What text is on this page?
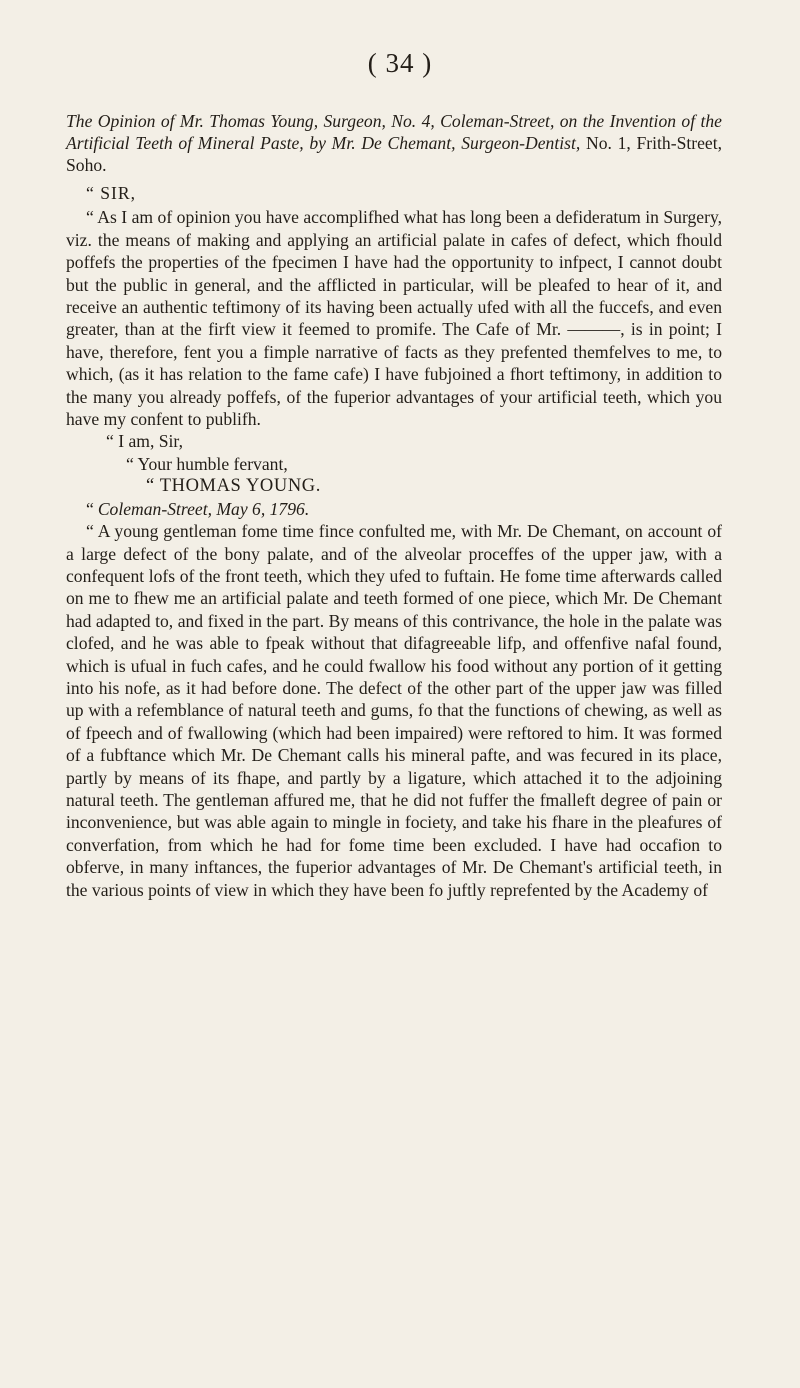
( 34 )
The Opinion of Mr. Thomas Young, Surgeon, No. 4, Coleman-Street, on the Invention of the Artificial Teeth of Mineral Paste, by Mr. De Chemant, Surgeon-Dentist, No. 1, Frith-Street, Soho.

“ SIR,

“ As I am of opinion you have accomplifhed what has long been a defideratum in Surgery, viz. the means of making and applying an artificial palate in cafes of defect, which fhould poffefs the properties of the fpecimen I have had the opportunity to infpect, I cannot doubt but the public in general, and the afflicted in particular, will be pleafed to hear of it, and receive an authentic teftimony of its having been actually ufed with all the fuccefs, and even greater, than at the firft view it feemed to promife. The Cafe of Mr. ———, is in point; I have, therefore, fent you a fimple narrative of facts as they prefented themfelves to me, to which, (as it has relation to the fame cafe) I have fubjoined a fhort teftimony, in addition to the many you already poffefs, of the fuperior advantages of your artificial teeth, which you have my confent to publifh.

“ I am, Sir,

“ Your humble fervant,

“ THOMAS YOUNG.

“ Coleman-Street, May 6, 1796.

“ A young gentleman fome time fince confulted me, with Mr. De Chemant, on account of a large defect of the bony palate, and of the alveolar proceffes of the upper jaw, with a confequent lofs of the front teeth, which they ufed to fuftain. He fome time afterwards called on me to fhew me an artificial palate and teeth formed of one piece, which Mr. De Chemant had adapted to, and fixed in the part. By means of this contrivance, the hole in the palate was clofed, and he was able to fpeak without that difagreeable lifp, and offenfive nafal found, which is ufual in fuch cafes, and he could fwallow his food without any portion of it getting into his nofe, as it had before done. The defect of the other part of the upper jaw was filled up with a refemblance of natural teeth and gums, fo that the functions of chewing, as well as of fpeech and of fwallowing (which had been impaired) were reftored to him. It was formed of a fubftance which Mr. De Chemant calls his mineral pafte, and was fecured in its place, partly by means of its fhape, and partly by a ligature, which attached it to the adjoining natural teeth. The gentleman affured me, that he did not fuffer the fmalleft degree of pain or inconvenience, but was able again to mingle in fociety, and take his fhare in the pleafures of converfation, from which he had for fome time been excluded. I have had occafion to obferve, in many inftances, the fuperior advantages of Mr. De Chemant's artificial teeth, in the various points of view in which they have been fo juftly reprefented by the Academy of
